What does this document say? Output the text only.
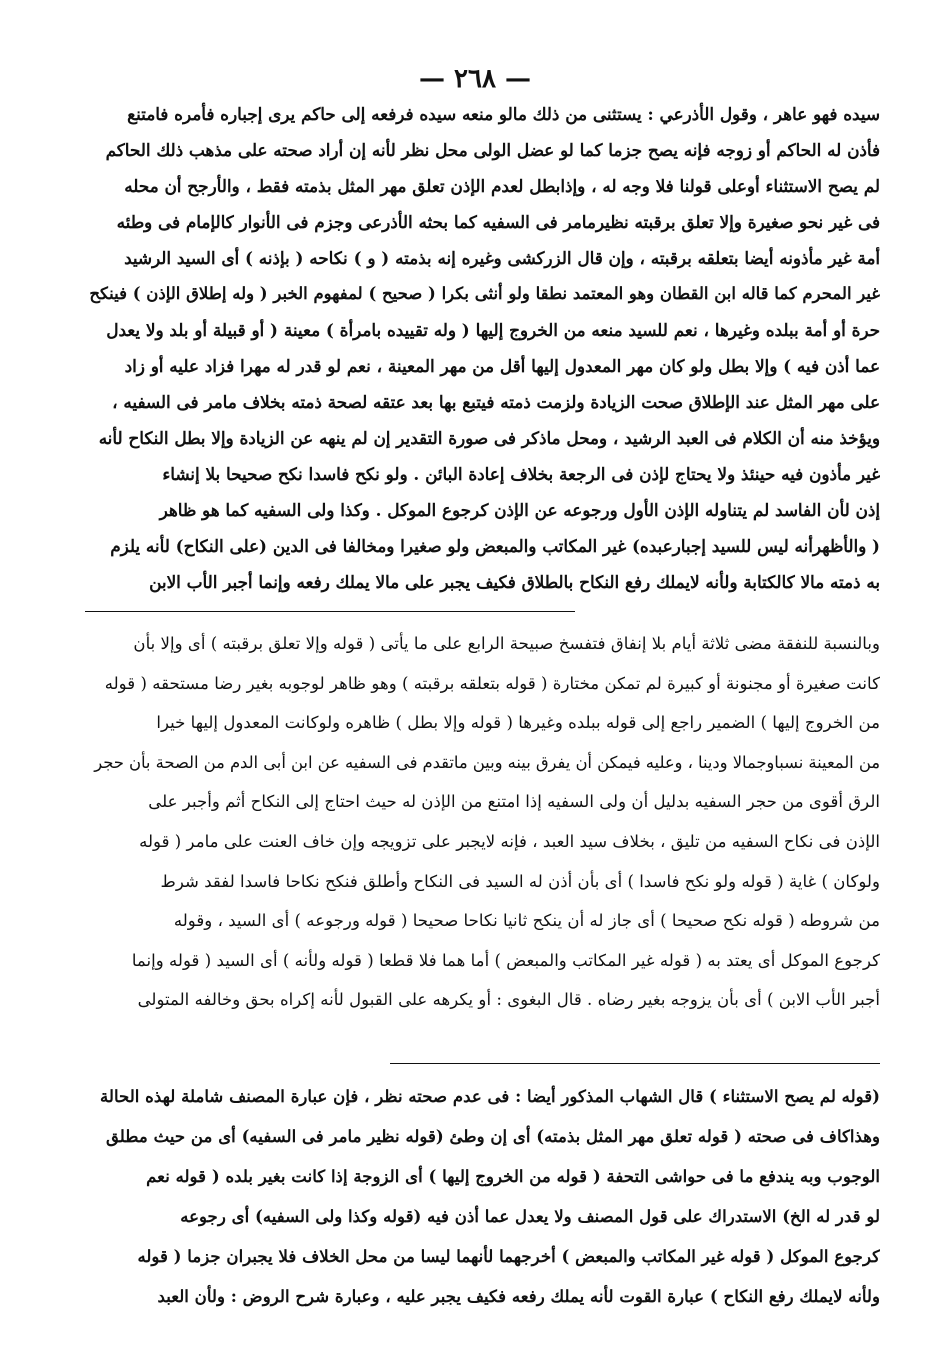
— ٢٦٨ —
سيده فهو عاهر ، وقول الأذرعي : يستثنى من ذلك مالو منعه سيده فرفعه إلى حاكم يرى إجباره فأمره فامتنع
فأذن له الحاكم أو زوجه فإنه يصح جزما كما لو عضل الولى محل نظر لأنه إن أراد صحته على مذهب ذلك الحاكم
لم يصح الاستثناء أوعلى قولنا فلا وجه له ، وإذابطل لعدم الإذن تعلق مهر المثل بذمته فقط ، والأرجح أن محله
فى غير نحو صغيرة وإلا تعلق برقبته نظيرمامر فى السفيه كما بحثه الأذرعى وجزم فى الأنوار كالإمام فى وطئه
أمة غير مأذونه أيضا بتعلقه برقبته ، وإن قال الزركشى وغيره إنه بذمته ( و ) نكاحه ( بإذنه ) أى السيد الرشيد
غير المحرم كما قاله ابن القطان وهو المعتمد نطقا ولو أنثى بكرا ( صحيح ) لمفهوم الخبر ( وله إطلاق الإذن ) فينكح
حرة أو أمة ببلده وغيرها ، نعم للسيد منعه من الخروج إليها ( وله تقييده بامرأة ) معينة ( أو قبيلة أو بلد ولا يعدل
عما أذن فيه ) وإلا بطل ولو كان مهر المعدول إليها أقل من مهر المعينة ، نعم لو قدر له مهرا فزاد عليه أو زاد
على مهر المثل عند الإطلاق صحت الزيادة ولزمت ذمته فيتبع بها بعد عتقه لصحة ذمته بخلاف مامر فى السفيه ،
ويؤخذ منه أن الكلام فى العبد الرشيد ، ومحل ماذكر فى صورة التقدير إن لم ينهه عن الزيادة وإلا بطل النكاح لأنه
غير مأذون فيه حينئذ ولا يحتاج لإذن فى الرجعة بخلاف إعادة البائن . ولو نكح فاسدا نكح صحيحا بلا إنشاء
إذن لأن الفاسد لم يتناوله الإذن الأول ورجوعه عن الإذن كرجوع الموكل . وكذا ولى السفيه كما هو ظاهر
( والأظهرأنه ليس للسيد إجبارعبده) غير المكاتب والمبعض ولو صغيرا ومخالفا فى الدين (على النكاح) لأنه يلزم
به ذمته مالا كالكتابة ولأنه لايملك رفع النكاح بالطلاق فكيف يجبر على مالا يملك رفعه وإنما أجبر الأب الابن
وبالنسبة للنفقة مضى ثلاثة أيام بلا إنفاق فتفسخ صبيحة الرابع على ما يأتى ( قوله وإلا تعلق برقبته ) أى وإلا بأن
كانت صغيرة أو مجنونة أو كبيرة لم تمكن مختارة ( قوله بتعلقه برقبته ) وهو ظاهر لوجوبه بغير رضا مستحقه ( قوله
من الخروج إليها ) الضمير راجع إلى قوله ببلده وغيرها ( قوله وإلا بطل ) ظاهره ولوكانت المعدول إليها خيرا
من المعينة نسباوجمالا ودينا ، وعليه فيمكن أن يفرق بينه وبين ماتقدم فى السفيه عن ابن أبى الدم من الصحة بأن حجر
الرق أقوى من حجر السفيه بدليل أن ولى السفيه إذا امتنع من الإذن له حيث احتاج إلى النكاح أثم وأجبر على
الإذن فى نكاح السفيه من تليق ، بخلاف سيد العبد ، فإنه لايجبر على تزويجه وإن خاف العنت على مامر ( قوله
ولوكان ) غاية ( قوله ولو نكح فاسدا ) أى بأن أذن له السيد فى النكاح وأطلق فنكح نكاحا فاسدا لفقد شرط
من شروطه ( قوله نكح صحيحا ) أى جاز له أن ينكح ثانيا نكاحا صحيحا ( قوله ورجوعه ) أى السيد ، وقوله
كرجوع الموكل أى يعتد به ( قوله غير المكاتب والمبعض ) أما هما فلا قطعا ( قوله ولأنه ) أى السيد ( قوله وإنما
أجبر الأب الابن ) أى بأن يزوجه بغير رضاه . قال البغوى : أو يكرهه على القبول لأنه إكراه بحق وخالفه المتولى
(قوله لم يصح الاستثناء ) قال الشهاب المذكور أيضا : فى عدم صحته نظر ، فإن عبارة المصنف شاملة لهذه الحالة
وهذاكاف فى صحته ( قوله تعلق مهر المثل بذمته) أى إن وطئ (قوله نظير مامر فى السفيه) أى من حيث مطلق
الوجوب وبه يندفع ما فى حواشى التحفة ( قوله من الخروج إليها ) أى الزوجة إذا كانت بغير بلده ( قوله نعم
لو قدر له الخ) الاستدراك على قول المصنف ولا يعدل عما أذن فيه (قوله وكذا ولى السفيه) أى رجوعه
كرجوع الموكل ( قوله غير المكاتب والمبعض ) أخرجهما لأنهما ليسا من محل الخلاف فلا يجبران جزما ( قوله
ولأنه لايملك رفع النكاح ) عبارة القوت لأنه يملك رفعه فكيف يجبر عليه ، وعبارة شرح الروض : ولأن العبد
